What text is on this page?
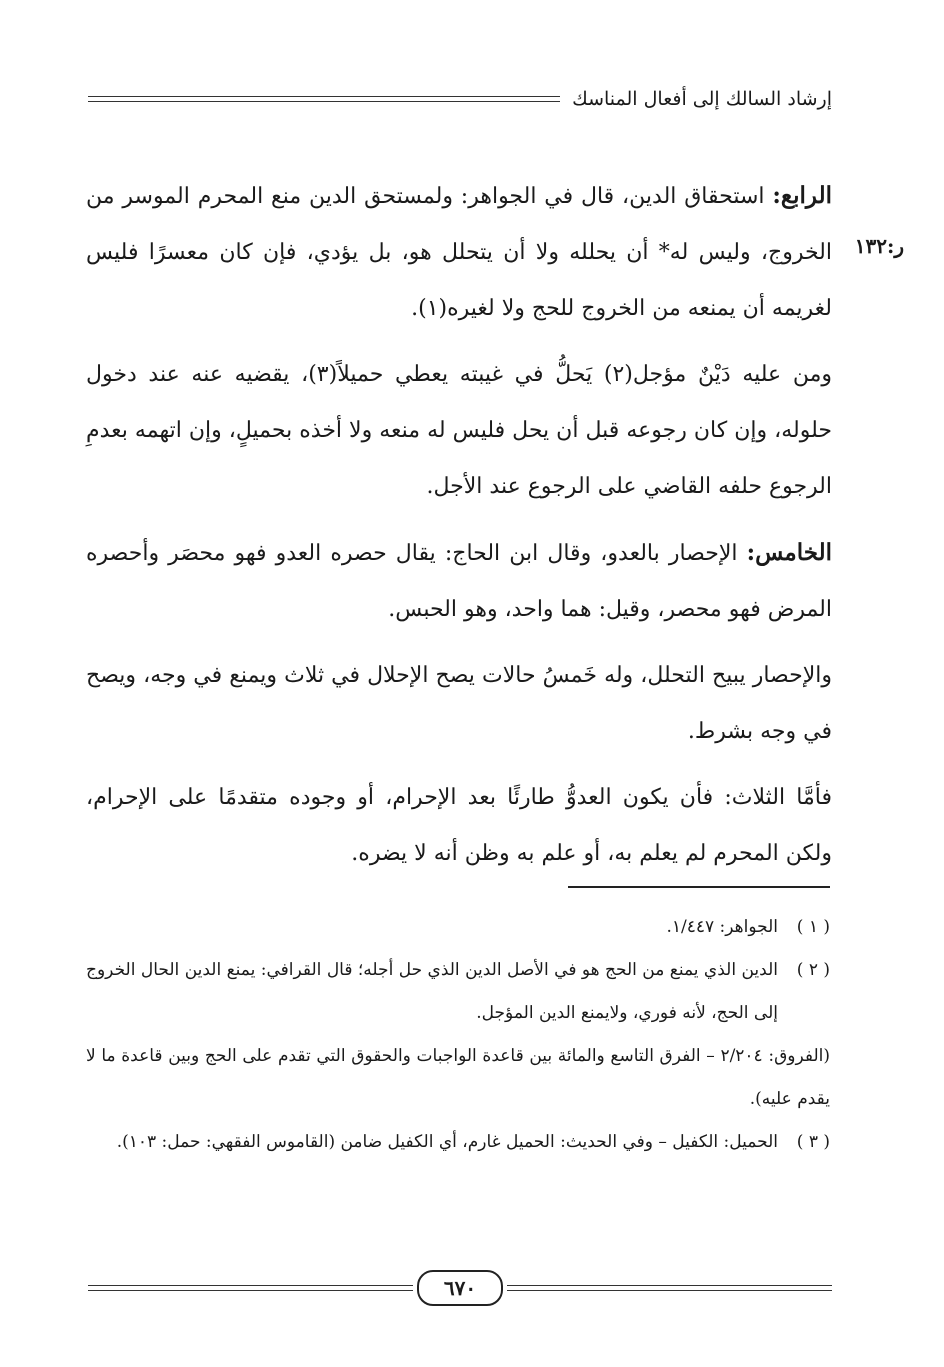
إرشاد السالك إلى أفعال المناسك
ر:١٣٢

الرابع: استحقاق الدين، قال في الجواهر: ولمستحق الدين منع المحرم الموسر من الخروج، وليس له* أن يحلله ولا أن يتحلل هو، بل يؤدي، فإن كان معسرًا فليس لغريمه أن يمنعه من الخروج للحج ولا لغيره(١).

ومن عليه دَيْنٌ مؤجل(٢) يَحلُّ في غيبته يعطي حميلاً(٣)، يقضيه عنه عند دخول حلوله، وإن كان رجوعه قبل أن يحل فليس له منعه ولا أخذه بحميلٍ، وإن اتهمه بعدمِ الرجوع حلفه القاضي على الرجوع عند الأجل.

الخامس: الإحصار بالعدو، وقال ابن الحاج: يقال حصره العدو فهو محصَر وأحصره المرض فهو محصر، وقيل: هما واحد، وهو الحبس.

والإحصار يبيح التحلل، وله خَمسُ حالات يصح الإحلال في ثلاث ويمنع في وجه، ويصح في وجه بشرط.

فأمَّا الثلاث: فأن يكون العدوُّ طارئًا بعد الإحرام، أو وجوده متقدمًا على الإحرام، ولكن المحرم لم يعلم به، أو علم به وظن أنه لا يضره.

( ١ )
الجواهر: ١/٤٤٧.
( ٢ )
الدين الذي يمنع من الحج هو في الأصل الدين الذي حل أجله؛ قال القرافي: يمنع الدين الحال الخروج إلى الحج، لأنه فوري، ولايمنع الدين المؤجل.
(الفروق: ٢/٢٠٤ – الفرق التاسع والمائة بين قاعدة الواجبات والحقوق التي تقدم على الحج وبين قاعدة ما لا يقدم عليه).
( ٣ )
الحميل: الكفيل – وفي الحديث: الحميل غارم، أي الكفيل ضامن (القاموس الفقهي: حمل: ١٠٣).
٦٧٠
